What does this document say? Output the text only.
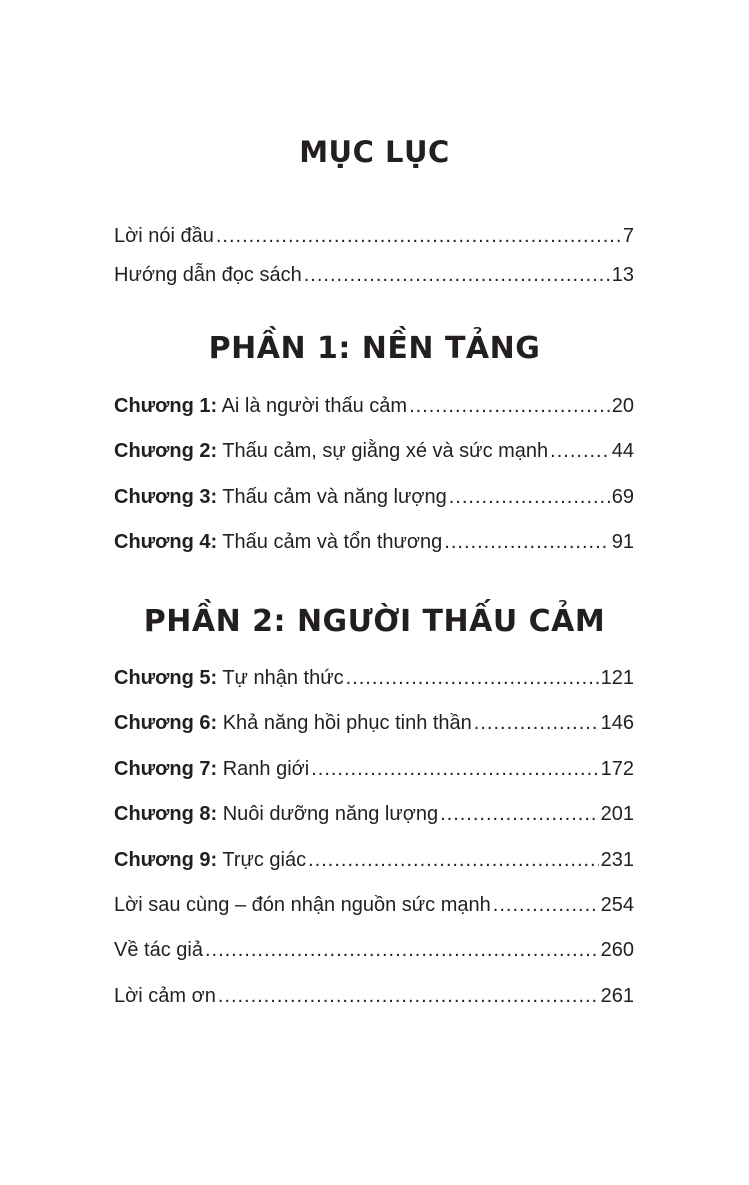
MỤC LỤC
Lời nói đầu .....	7
Hướng dẫn đọc sách .....	13
PHẦN 1: NỀN TẢNG
Chương 1: Ai là người thấu cảm .....	20
Chương 2: Thấu cảm, sự giằng xé và sức mạnh .....	44
Chương 3: Thấu cảm và năng lượng .....	69
Chương 4: Thấu cảm và tổn thương .....	91
PHẦN 2: NGƯỜI THẤU CẢM
Chương 5: Tự nhận thức .....	121
Chương 6: Khả năng hồi phục tinh thần .....	146
Chương 7: Ranh giới .....	172
Chương 8: Nuôi dưỡng năng lượng .....	201
Chương 9: Trực giác .....	231
Lời sau cùng – đón nhận nguồn sức mạnh .....	254
Về tác giả .....	260
Lời cảm ơn .....	261
